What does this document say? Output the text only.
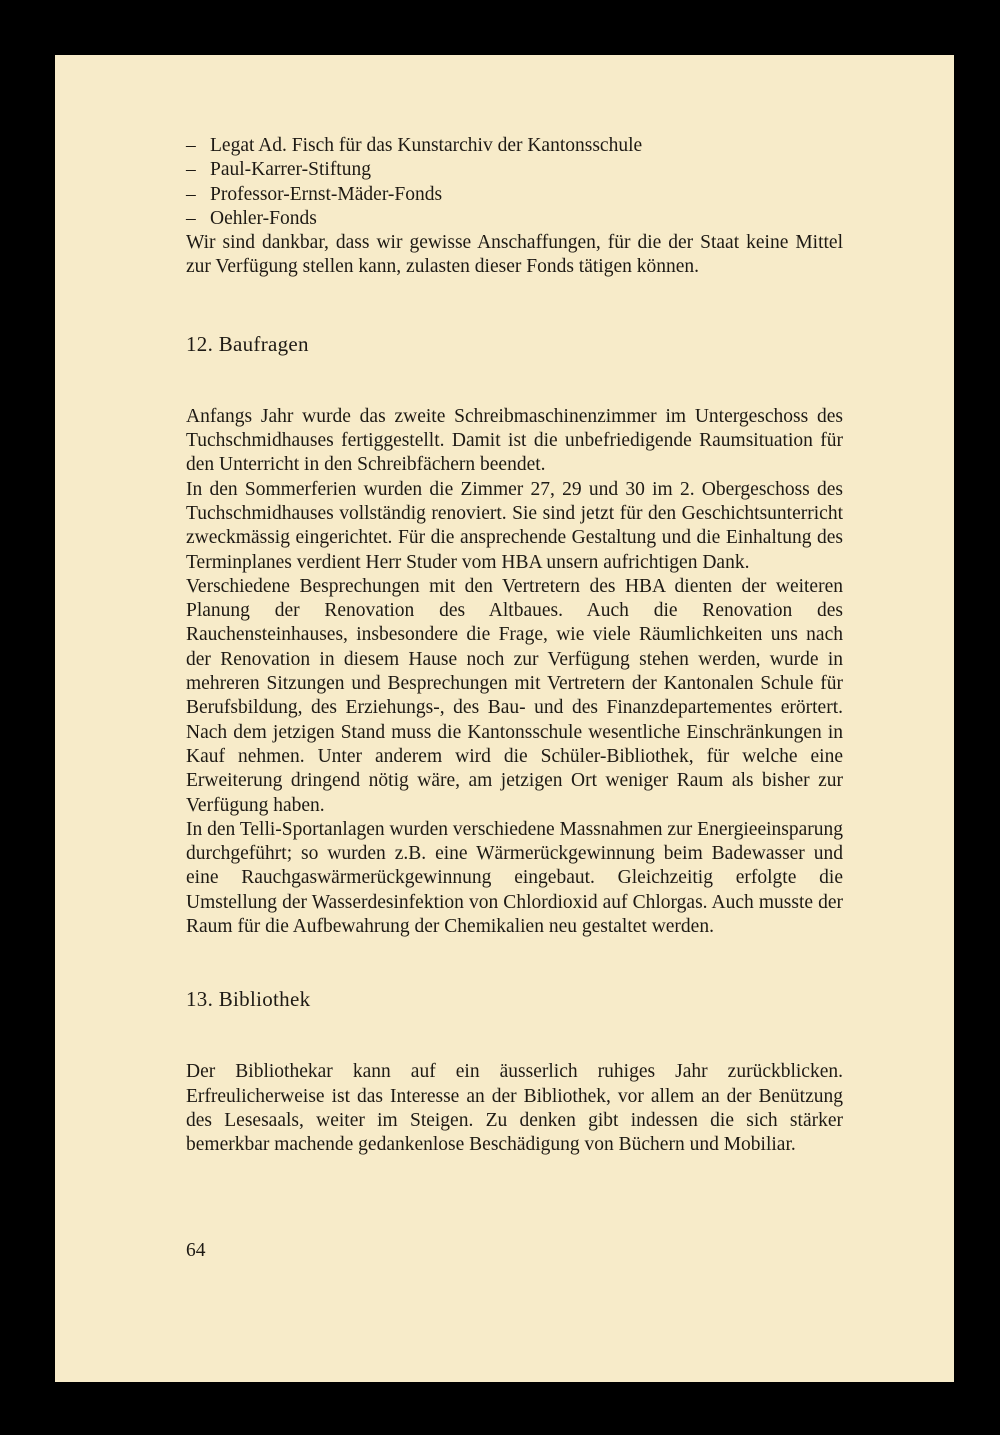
– Legat Ad. Fisch für das Kunstarchiv der Kantonsschule
– Paul-Karrer-Stiftung
– Professor-Ernst-Mäder-Fonds
– Oehler-Fonds

Wir sind dankbar, dass wir gewisse Anschaffungen, für die der Staat keine Mittel zur Verfügung stellen kann, zulasten dieser Fonds tätigen können.

12. Baufragen

Anfangs Jahr wurde das zweite Schreibmaschinenzimmer im Untergeschoss des Tuchschmidhauses fertiggestellt. Damit ist die unbefriedigende Raumsituation für den Unterricht in den Schreibfächern beendet.

In den Sommerferien wurden die Zimmer 27, 29 und 30 im 2. Obergeschoss des Tuchschmidhauses vollständig renoviert. Sie sind jetzt für den Geschichtsunterricht zweckmässig eingerichtet. Für die ansprechende Gestaltung und die Einhaltung des Terminplanes verdient Herr Studer vom HBA unsern aufrichtigen Dank.

Verschiedene Besprechungen mit den Vertretern des HBA dienten der weiteren Planung der Renovation des Altbaues. Auch die Renovation des Rauchensteinhauses, insbesondere die Frage, wie viele Räumlichkeiten uns nach der Renovation in diesem Hause noch zur Verfügung stehen werden, wurde in mehreren Sitzungen und Besprechungen mit Vertretern der Kantonalen Schule für Berufsbildung, des Erziehungs-, des Bau- und des Finanzdepartementes erörtert. Nach dem jetzigen Stand muss die Kantonsschule wesentliche Einschränkungen in Kauf nehmen. Unter anderem wird die Schüler-Bibliothek, für welche eine Erweiterung dringend nötig wäre, am jetzigen Ort weniger Raum als bisher zur Verfügung haben.

In den Telli-Sportanlagen wurden verschiedene Massnahmen zur Energieeinsparung durchgeführt; so wurden z.B. eine Wärmerückgewinnung beim Badewasser und eine Rauchgaswärmerückgewinnung eingebaut. Gleichzeitig erfolgte die Umstellung der Wasserdesinfektion von Chlordioxid auf Chlorgas. Auch musste der Raum für die Aufbewahrung der Chemikalien neu gestaltet werden.

13. Bibliothek

Der Bibliothekar kann auf ein äusserlich ruhiges Jahr zurückblicken. Erfreulicherweise ist das Interesse an der Bibliothek, vor allem an der Benützung des Lesesaals, weiter im Steigen. Zu denken gibt indessen die sich stärker bemerkbar machende gedankenlose Beschädigung von Büchern und Mobiliar.

64
